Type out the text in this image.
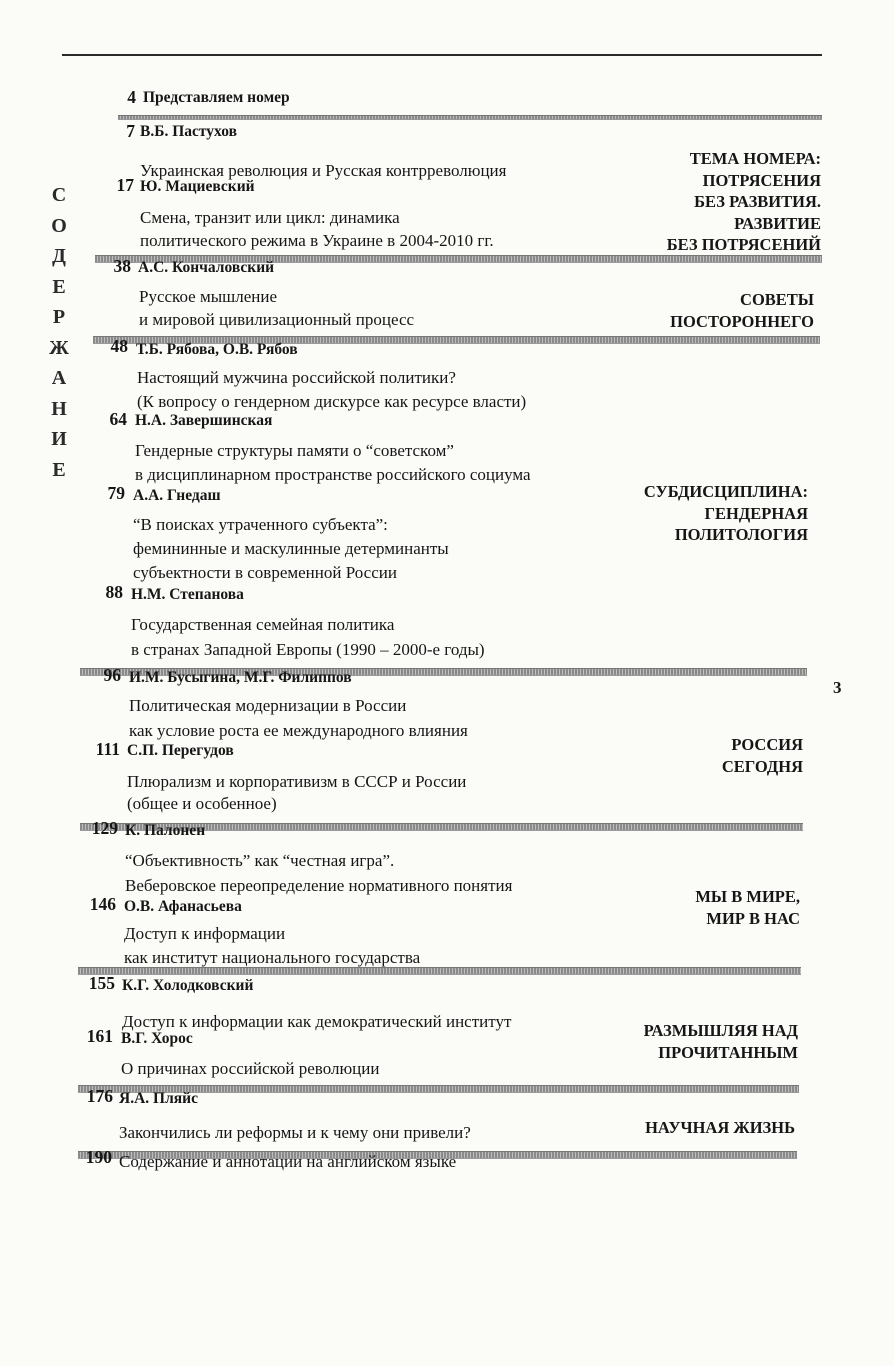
С
О
Д
Е
Р
Ж
А
Н
И
Е
3
4 Представляем номер
7 В.Б. Пастухов
Украинская революция и Русская контрреволюция
17 Ю. Мациевский
Смена, транзит или цикл: динамика
политического режима в Украине в 2004-2010 гг.
38 А.С. Кончаловский
Русское мышление
и мировой цивилизационный процесс
48 Т.Б. Рябова, О.В. Рябов
Настоящий мужчина российской политики?
(К вопросу о гендерном дискурсе как ресурсе власти)
64 Н.А. Завершинская
Гендерные структуры памяти о “советском”
в дисциплинарном пространстве российского социума
79 А.А. Гнедаш
“В поисках утраченного субъекта”:
фемининные и маскулинные детерминанты
субъектности в современной России
88 Н.М. Степанова
Государственная семейная политика
в странах Западной Европы (1990 – 2000-е годы)
96 И.М. Бусыгина, М.Г. Филиппов
Политическая модернизации в России
как условие роста ее международного влияния
111 С.П. Перегудов
Плюрализм и корпоративизм в СССР и России
(общее и особенное)
129 К. Палонен
“Объективность” как “честная игра”.
Веберовское переопределение нормативного понятия
146 О.В. Афанасьева
Доступ к информации
как институт национального государства
155 К.Г. Холодковский
Доступ к информации как демократический институт
161 В.Г. Хорос
О причинах российской революции
176 Я.А. Пляйс
Закончились ли реформы и к чему они привели?
190 Содержание и аннотации на английском языке
ТЕМА НОМЕРА:
ПОТРЯСЕНИЯ
БЕЗ РАЗВИТИЯ.
РАЗВИТИЕ
БЕЗ ПОТРЯСЕНИЙ
СОВЕТЫ
ПОСТОРОННЕГО
СУБДИСЦИПЛИНА:
ГЕНДЕРНАЯ
ПОЛИТОЛОГИЯ
РОССИЯ
СЕГОДНЯ
МЫ В МИРЕ,
МИР В НАС
РАЗМЫШЛЯЯ НАД
ПРОЧИТАННЫМ
НАУЧНАЯ ЖИЗНЬ
